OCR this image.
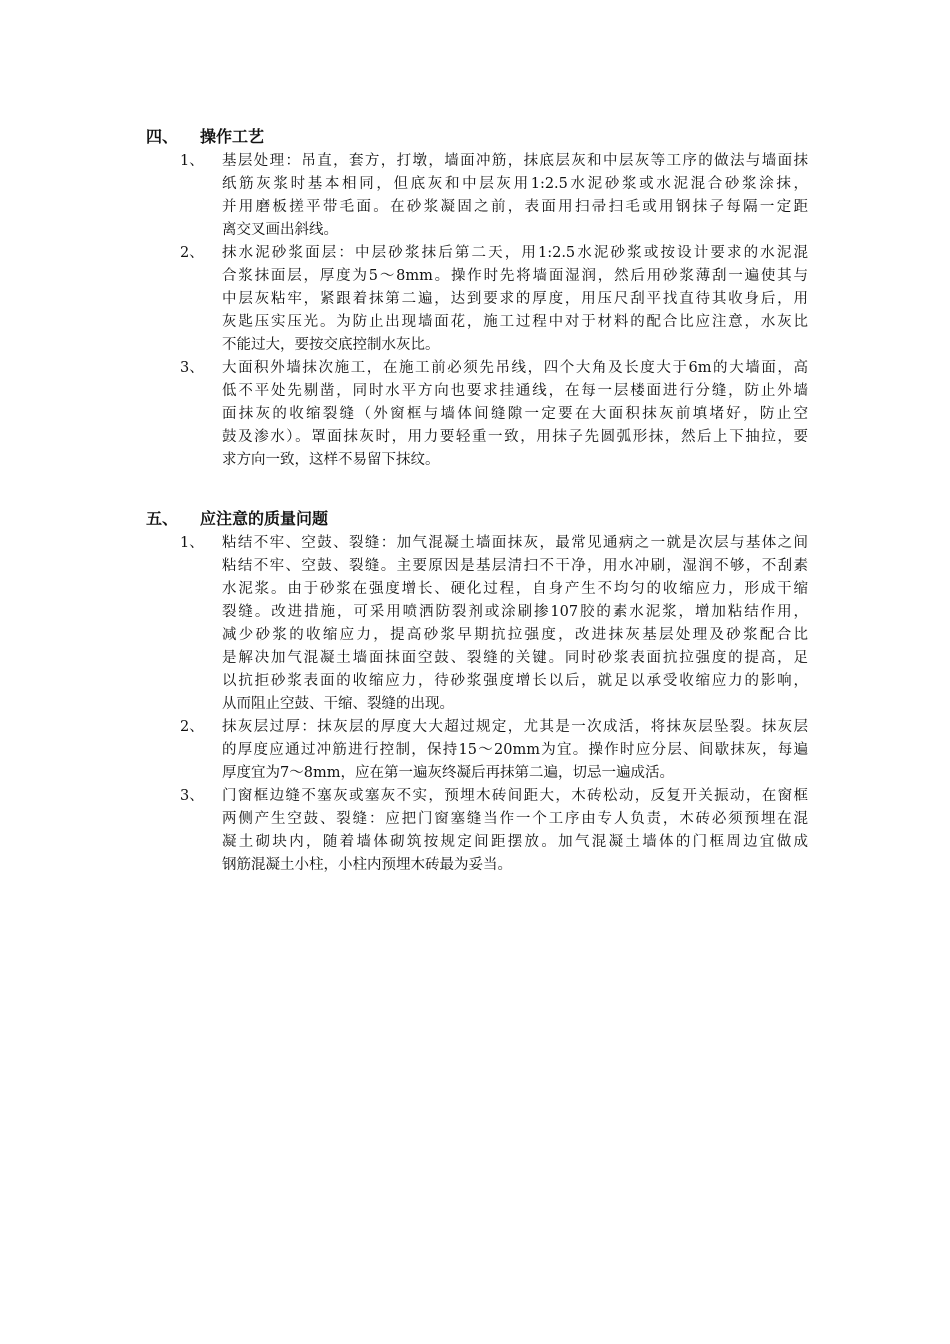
四、 操作工艺
1、	基层处理：吊直，套方，打墩，墙面冲筋，抹底层灰和中层灰等工序的做法与墙面抹
纸筋灰浆时基本相同，但底灰和中层灰用1:2.5水泥砂浆或水泥混合砂浆涂抹，
并用磨板搓平带毛面。在砂浆凝固之前，表面用扫帚扫毛或用钢抹子每隔一定距
离交叉画出斜线。
2、	抹水泥砂浆面层：中层砂浆抹后第二天，用1:2.5水泥砂浆或按设计要求的水泥混
合浆抹面层，厚度为5～8mm。操作时先将墙面湿润，然后用砂浆薄刮一遍使其与
中层灰粘牢，紧跟着抹第二遍，达到要求的厚度，用压尺刮平找直待其收身后，用
灰匙压实压光。为防止出现墙面花，施工过程中对于材料的配合比应注意，水灰比
不能过大，要按交底控制水灰比。
3、	大面积外墙抹次施工，在施工前必须先吊线，四个大角及长度大于6m的大墙面，高
低不平处先剔凿，同时水平方向也要求挂通线，在每一层楼面进行分缝，防止外墙
面抹灰的收缩裂缝（外窗框与墙体间缝隙一定要在大面积抹灰前填堵好，防止空
鼓及渗水）。罩面抹灰时，用力要轻重一致，用抹子先圆弧形抹，然后上下抽拉，要
求方向一致，这样不易留下抹纹。
五、 应注意的质量问题
1、	粘结不牢、空鼓、裂缝：加气混凝土墙面抹灰，最常见通病之一就是次层与基体之间
粘结不牢、空鼓、裂缝。主要原因是基层清扫不干净，用水冲刷，湿润不够，不刮素
水泥浆。由于砂浆在强度增长、硬化过程，自身产生不均匀的收缩应力，形成干缩
裂缝。改进措施，可采用喷洒防裂剂或涂刷掺107胶的素水泥浆，增加粘结作用，
减少砂浆的收缩应力，提高砂浆早期抗拉强度，改进抹灰基层处理及砂浆配合比
是解决加气混凝土墙面抹面空鼓、裂缝的关键。同时砂浆表面抗拉强度的提高，足
以抗拒砂浆表面的收缩应力，待砂浆强度增长以后，就足以承受收缩应力的影响，
从而阻止空鼓、干缩、裂缝的出现。
2、	抹灰层过厚：抹灰层的厚度大大超过规定，尤其是一次成活，将抹灰层坠裂。抹灰层
的厚度应通过冲筋进行控制，保持15～20mm为宜。操作时应分层、间歇抹灰，每遍
厚度宜为7～8mm，应在第一遍灰终凝后再抹第二遍，切忌一遍成活。
3、	门窗框边缝不塞灰或塞灰不实，预埋木砖间距大，木砖松动，反复开关振动，在窗框
两侧产生空鼓、裂缝：应把门窗塞缝当作一个工序由专人负责，木砖必须预埋在混
凝土砌块内，随着墙体砌筑按规定间距摆放。加气混凝土墙体的门框周边宜做成
钢筋混凝土小柱，小柱内预埋木砖最为妥当。
